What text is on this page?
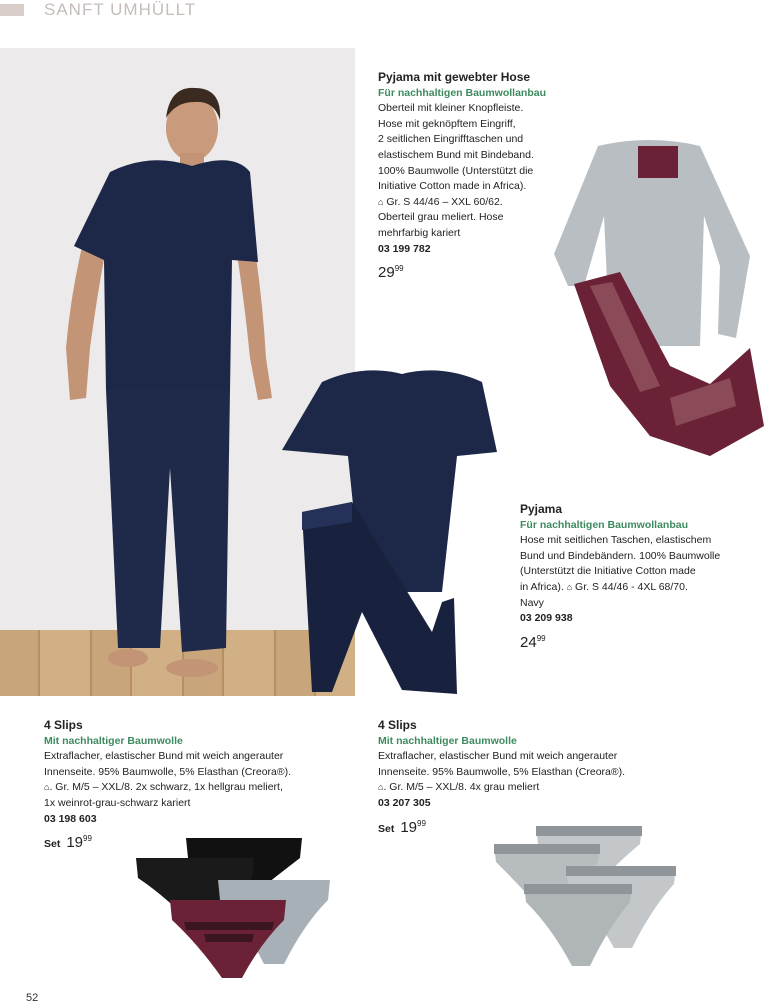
SANFT UMHÜLLT
Pyjama mit gewebter Hose
Für nachhaltigen Baumwollanbau
Oberteil mit kleiner Knopfleiste.
Hose mit geknöpftem Eingriff,
2 seitlichen Eingrifftaschen und
elastischem Bund mit Bindeband.
100% Baumwolle (Unterstützt die
Initiative Cotton made in Africa).
⌂ Gr. S 44/46 – XXL 60/62.
Oberteil grau meliert. Hose
mehrfarbig kariert
03 199 782
$29^{99}$
Pyjama
Für nachhaltigen Baumwollanbau
Hose mit seitlichen Taschen, elastischem
Bund und Bindebändern. 100% Baumwolle
(Unterstützt die Initiative Cotton made
in Africa). ⌂ Gr. S 44/46 - 4XL 68/70.
Navy
03 209 938
$24^{99}$
4 Slips
Mit nachhaltiger Baumwolle
Extraflacher, elastischer Bund mit weich angerauter
Innenseite. 95% Baumwolle, 5% Elasthan (Creora®).
⌂. Gr. M/5 – XXL/8. 2x schwarz, 1x hellgrau meliert,
1x weinrot-grau-schwarz kariert
03 198 603
Set $19^{99}$
4 Slips
Mit nachhaltiger Baumwolle
Extraflacher, elastischer Bund mit weich angerauter
Innenseite. 95% Baumwolle, 5% Elasthan (Creora®).
⌂. Gr. M/5 – XXL/8. 4x grau meliert
03 207 305
Set $19^{99}$
52
